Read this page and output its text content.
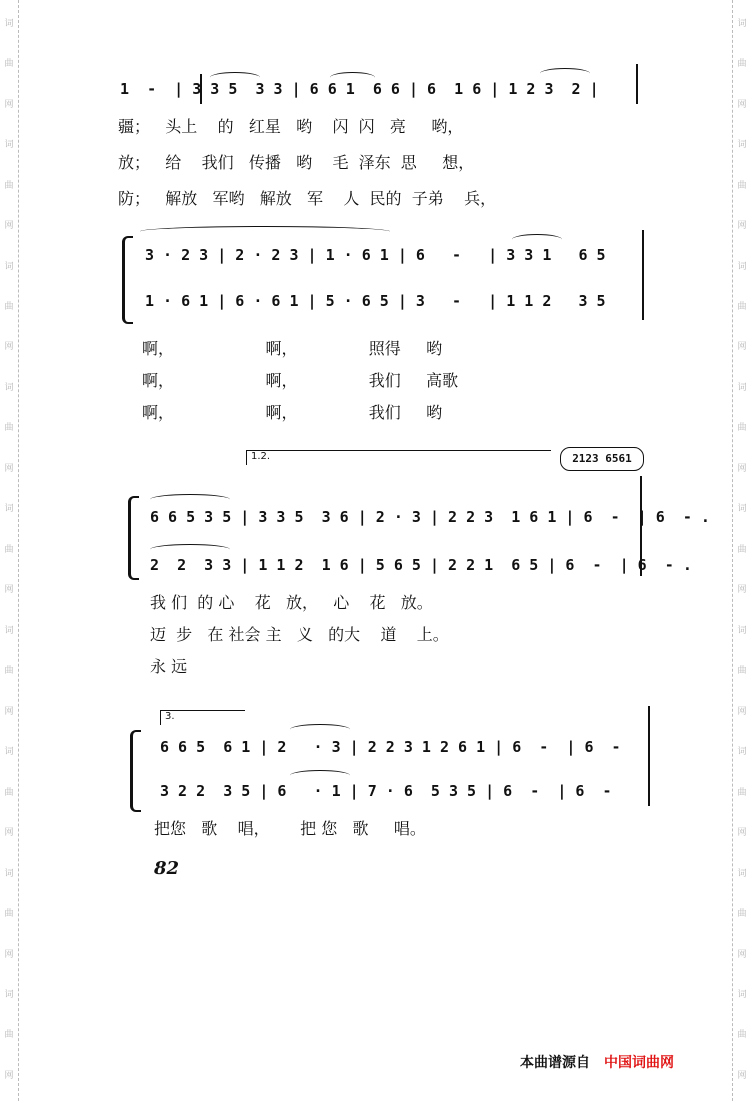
词
曲
网
词
曲
网
词
曲
网
词
曲
网
词
曲
网
词
曲
网
词
曲
网
词
曲
网
词
曲
网
词
曲
网
词
曲
网
词
曲
网
词
曲
网
词
曲
网
词
曲
网
词
曲
网
词
曲
网
词
曲
网
1  -  | 3 3 5  3 3 | 6 6 1  6 6 | 6  1 6 | 1 2 3  2 |
疆；   头上    的   红星   哟    闪  闪   亮     哟，
放；   给    我们   传播   哟    毛  泽东  思     想，
防；   解放   军哟   解放   军    人  民的  子弟    兵，
3 · 2 3 | 2 · 2 3 | 1 · 6 1 | 6   -   | 3 3 1   6 5
1 · 6 1 | 6 · 6 1 | 5 · 6 5 | 3   -   | 1 1 2   3 5
啊，                  啊，              照得     哟
啊，                  啊，              我们     高歌
啊，                  啊，              我们     哟
1.2.	2123 6561
6 6 5 3 5 | 3 3 5  3 6 | 2 · 3 | 2 2 3  1 6 1 | 6  -  | 6  - .
2  2  3 3 | 1 1 2  1 6 | 5 6 5 | 2 2 1  6 5 | 6  -  | 6  - .
我 们  的 心    花   放，   心    花   放。
迈  步   在 社会 主   义   的大    道    上。
永 远
3.
6 6 5  6 1 | 2   · 3 | 2 2 3 1 2 6 1 | 6  -  | 6  -
3 2 2  3 5 | 6   · 1 | 7 · 6  5 3 5 | 6  -  | 6  -
把您   歌    唱，      把 您   歌     唱。
82
本曲谱源自 中国词曲网
